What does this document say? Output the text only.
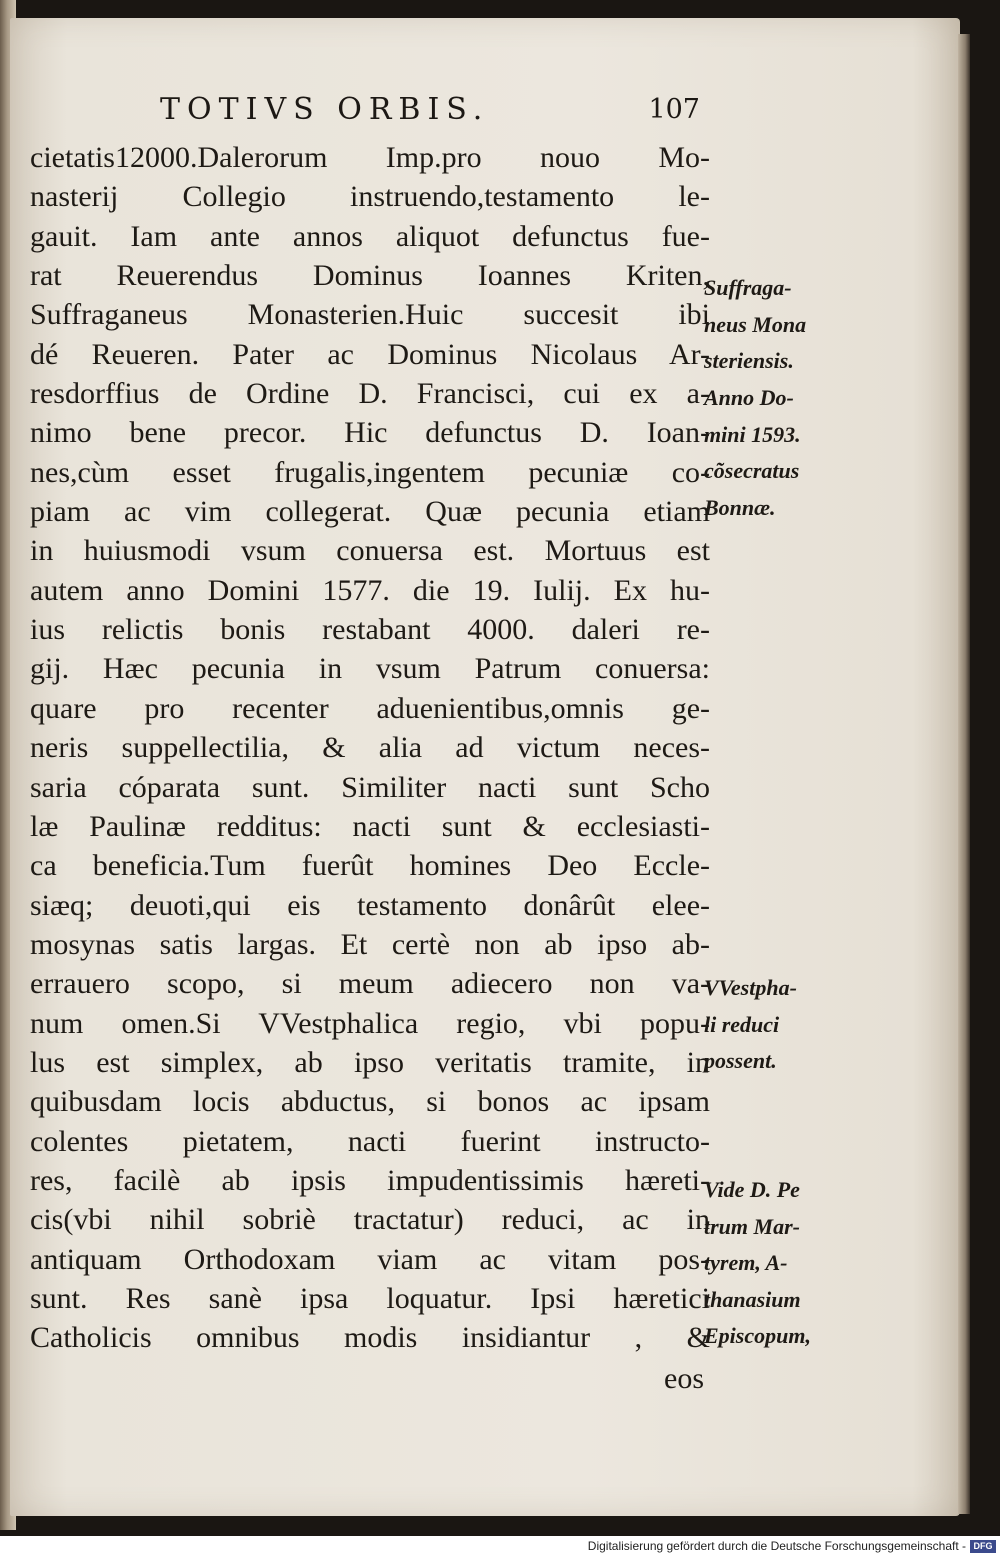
TOTIVS ORBIS.	107
cietatis12000.Dalerorum Imp.pro nouo Mo-
nasterij Collegio instruendo,testamento le-
gauit. Iam ante annos aliquot defunctus fue-
rat Reuerendus Dominus Ioannes Kriten,
Suffraganeus Monasterien.Huic succesit ibi
dé Reueren. Pater ac Dominus Nicolaus Ar-
resdorffius de Ordine D. Francisci, cui ex a-
nimo bene precor. Hic defunctus D. Ioan-
nes,cùm esset frugalis,ingentem pecuniæ co-
piam ac vim collegerat. Quæ pecunia etiam
in huiusmodi vsum conuersa est. Mortuus est
autem anno Domini 1577. die 19. Iulij. Ex hu-
ius relictis bonis restabant 4000. daleri re-
gij. Hæc pecunia in vsum Patrum conuersa:
quare pro recenter aduenientibus,omnis ge-
neris suppellectilia, & alia ad victum neces-
saria cóparata sunt. Similiter nacti sunt Scho
læ Paulinæ redditus: nacti sunt & ecclesiasti-
ca beneficia.Tum fuerût homines Deo Eccle-
siæq; deuoti,qui eis testamento donârût elee-
mosynas satis largas. Et certè non ab ipso ab-
errauero scopo, si meum adiecero non va-
num omen.Si VVestphalica regio, vbi popu-
lus est simplex, ab ipso veritatis tramite, in
quibusdam locis abductus, si bonos ac ipsam
colentes pietatem, nacti fuerint instructo-
res, facilè ab ipsis impudentissimis hæreti-
cis(vbi nihil sobriè tractatur) reduci, ac in
antiquam Orthodoxam viam ac vitam pos-
sunt. Res sanè ipsa loquatur. Ipsi hæretici
Catholicis omnibus modis insidiantur , &
eos
Suffraga-
neus Mona
steriensis.
Anno Do-
mini 1593.
cõsecratus
Bonnæ.
VVestpha-
li reduci
possent.
Vide D. Pe
trum Mar-
tyrem, A-
thanasium
Episcopum,
Digitalisierung gefördert durch die Deutsche Forschungsgemeinschaft - DFG
